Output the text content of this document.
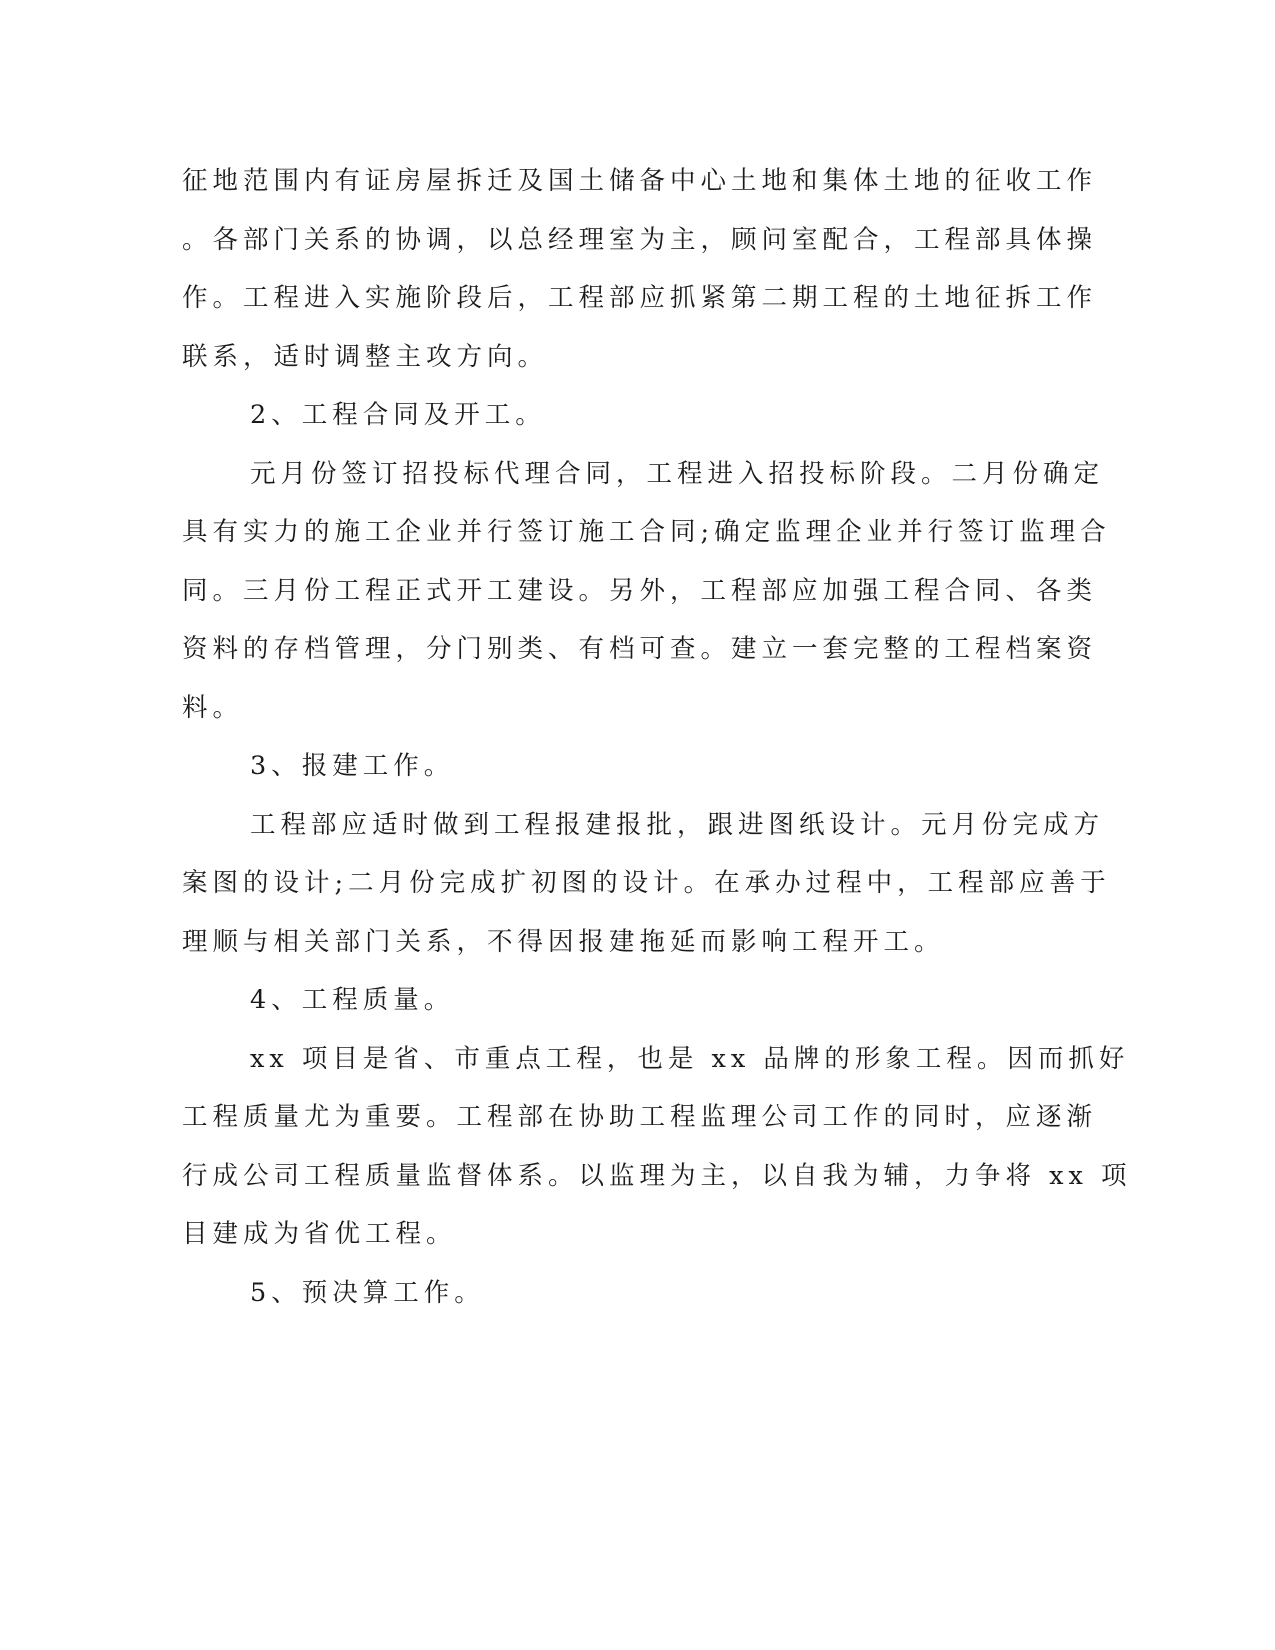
征地范围内有证房屋拆迁及国土储备中心土地和集体土地的征收工作
。各部门关系的协调，以总经理室为主，顾问室配合，工程部具体操
作。工程进入实施阶段后，工程部应抓紧第二期工程的土地征拆工作
联系，适时调整主攻方向。
2、工程合同及开工。
元月份签订招投标代理合同，工程进入招投标阶段。二月份确定
具有实力的施工企业并行签订施工合同;确定监理企业并行签订监理合
同。三月份工程正式开工建设。另外，工程部应加强工程合同、各类
资料的存档管理，分门别类、有档可查。建立一套完整的工程档案资
料。
3、报建工作。
工程部应适时做到工程报建报批，跟进图纸设计。元月份完成方
案图的设计;二月份完成扩初图的设计。在承办过程中，工程部应善于
理顺与相关部门关系，不得因报建拖延而影响工程开工。
4、工程质量。
xx 项目是省、市重点工程，也是 xx 品牌的形象工程。因而抓好
工程质量尤为重要。工程部在协助工程监理公司工作的同时，应逐渐
行成公司工程质量监督体系。以监理为主，以自我为辅，力争将 xx 项
目建成为省优工程。
5、预决算工作。
